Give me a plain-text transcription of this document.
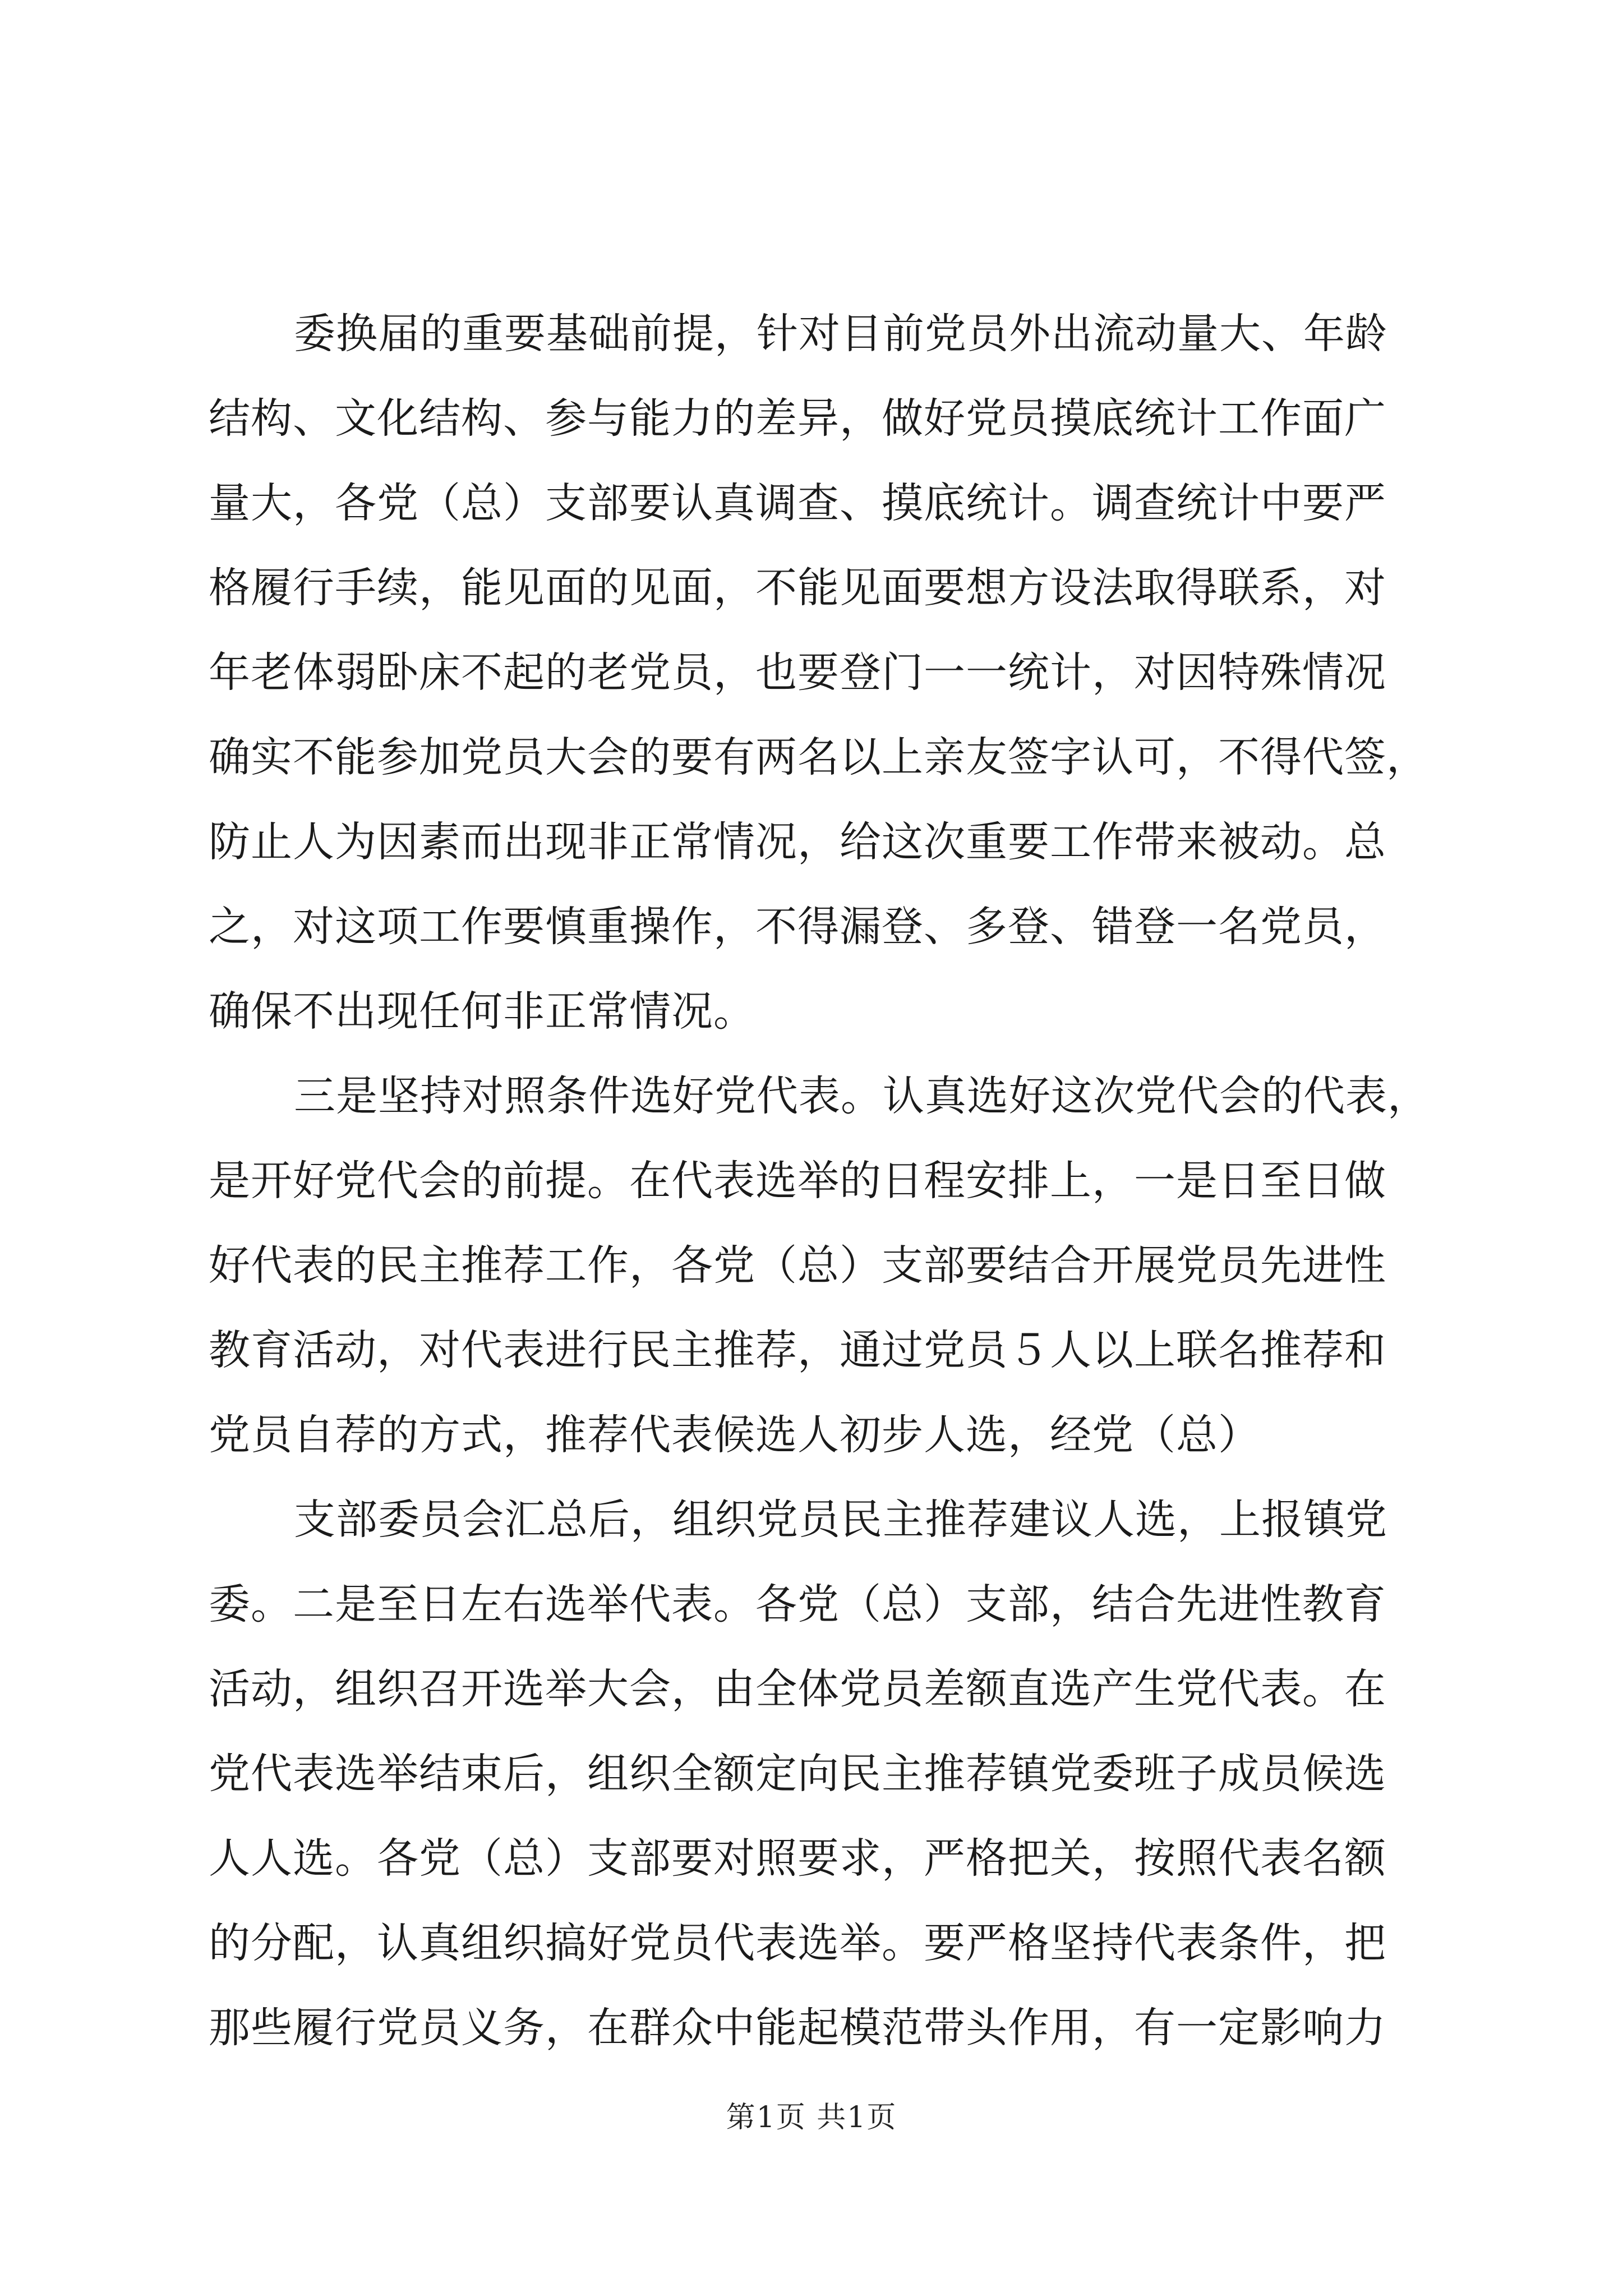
委换届的重要基础前提，针对目前党员外出流动量大、年龄
结构、文化结构、参与能力的差异，做好党员摸底统计工作面广
量大，各党（总）支部要认真调查、摸底统计。调查统计中要严
格履行手续，能见面的见面，不能见面要想方设法取得联系，对
年老体弱卧床不起的老党员，也要登门一一统计，对因特殊情况
确实不能参加党员大会的要有两名以上亲友签字认可，不得代签，
防止人为因素而出现非正常情况，给这次重要工作带来被动。总
之，对这项工作要慎重操作，不得漏登、多登、错登一名党员，
确保不出现任何非正常情况。

三是坚持对照条件选好党代表。认真选好这次党代会的代表，
是开好党代会的前提。在代表选举的日程安排上，一是日至日做
好代表的民主推荐工作，各党（总）支部要结合开展党员先进性
教育活动，对代表进行民主推荐，通过党员５人以上联名推荐和
党员自荐的方式，推荐代表候选人初步人选，经党（总）

支部委员会汇总后，组织党员民主推荐建议人选，上报镇党
委。二是至日左右选举代表。各党（总）支部，结合先进性教育
活动，组织召开选举大会，由全体党员差额直选产生党代表。在
党代表选举结束后，组织全额定向民主推荐镇党委班子成员候选
人人选。各党（总）支部要对照要求，严格把关，按照代表名额
的分配，认真组织搞好党员代表选举。要严格坚持代表条件，把
那些履行党员义务，在群众中能起模范带头作用，有一定影响力

第1页 共1页
